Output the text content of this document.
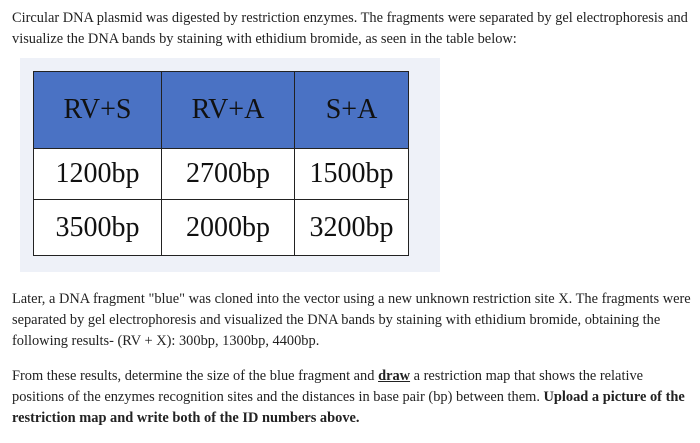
Circular DNA plasmid was digested by restriction enzymes. The fragments were separated by gel electrophoresis and visualize the DNA bands by staining with ethidium bromide, as seen in the table below:

RV+S	RV+A	S+A
1200bp	2700bp	1500bp
3500bp	2000bp	3200bp

Later, a DNA fragment "blue" was cloned into the vector using a new unknown restriction site X. The fragments were separated by gel electrophoresis and visualized the DNA bands by staining with ethidium bromide, obtaining the following results- (RV + X): 300bp, 1300bp, 4400bp.

From these results, determine the size of the blue fragment and draw a restriction map that shows the relative positions of the enzymes recognition sites and the distances in base pair (bp) between them. Upload a picture of the restriction map and write both of the ID numbers above.
